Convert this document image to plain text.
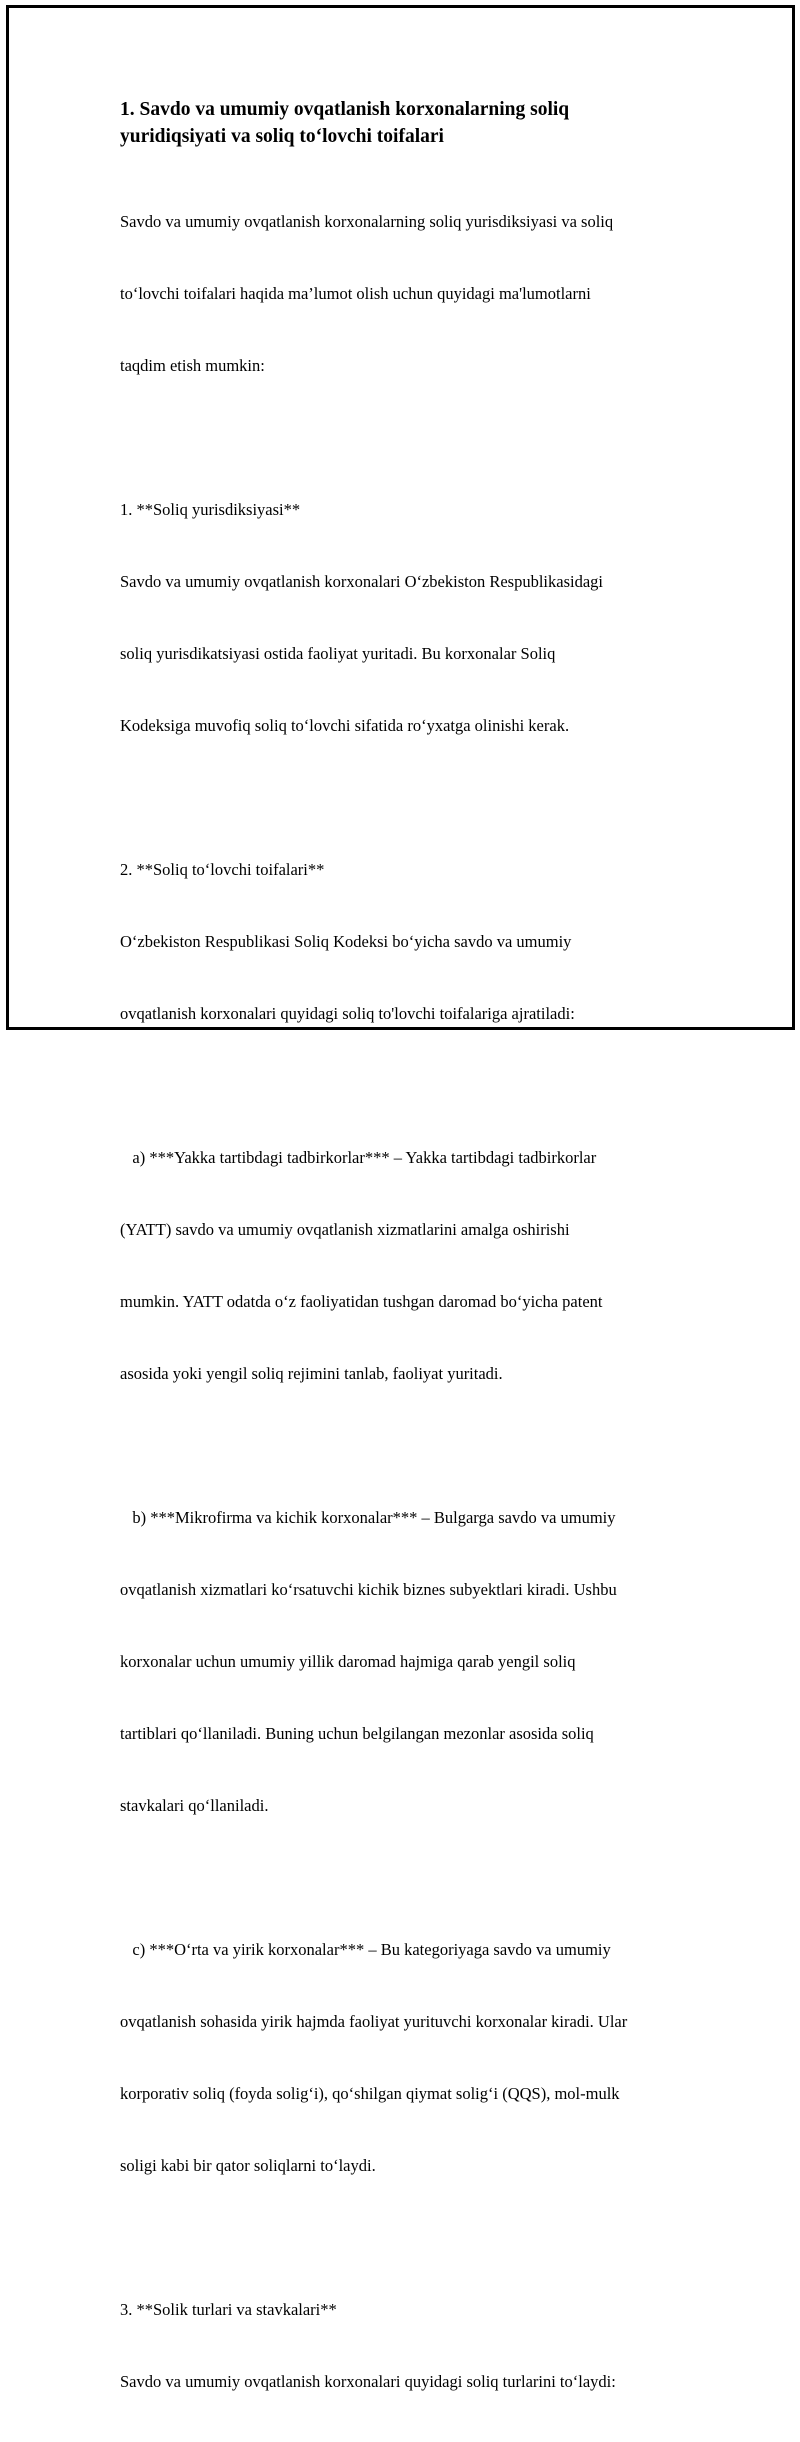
1. Savdo va umumiy ovqatlanish korxonalarning soliq
yuridiqsiyati va soliq to‘lovchi toifalari

Savdo va umumiy ovqatlanish korxonalarning soliq yurisdiksiyasi va soliq

to‘lovchi toifalari haqida ma’lumot olish uchun quyidagi ma'lumotlarni

taqdim etish mumkin:

1. **Soliq yurisdiksiyasi**

Savdo va umumiy ovqatlanish korxonalari O‘zbekiston Respublikasidagi

soliq yurisdikatsiyasi ostida faoliyat yuritadi. Bu korxonalar Soliq

Kodeksiga muvofiq soliq to‘lovchi sifatida ro‘yxatga olinishi kerak.

2. **Soliq to‘lovchi toifalari**

O‘zbekiston Respublikasi Soliq Kodeksi bo‘yicha savdo va umumiy

ovqatlanish korxonalari quyidagi soliq to'lovchi toifalariga ajratiladi:

a) ***Yakka tartibdagi tadbirkorlar*** – Yakka tartibdagi tadbirkorlar

(YATT) savdo va umumiy ovqatlanish xizmatlarini amalga oshirishi

mumkin. YATT odatda o‘z faoliyatidan tushgan daromad bo‘yicha patent

asosida yoki yengil soliq rejimini tanlab, faoliyat yuritadi.

b) ***Mikrofirma va kichik korxonalar*** – Bulgarga savdo va umumiy

ovqatlanish xizmatlari ko‘rsatuvchi kichik biznes subyektlari kiradi. Ushbu

korxonalar uchun umumiy yillik daromad hajmiga qarab yengil soliq

tartiblari qo‘llaniladi. Buning uchun belgilangan mezonlar asosida soliq

stavkalari qo‘llaniladi.

c) ***O‘rta va yirik korxonalar*** – Bu kategoriyaga savdo va umumiy

ovqatlanish sohasida yirik hajmda faoliyat yurituvchi korxonalar kiradi. Ular

korporativ soliq (foyda solig‘i), qo‘shilgan qiymat solig‘i (QQS), mol-mulk

soligi kabi bir qator soliqlarni to‘laydi.

3. **Solik turlari va stavkalari**

Savdo va umumiy ovqatlanish korxonalari quyidagi soliq turlarini to‘laydi:
